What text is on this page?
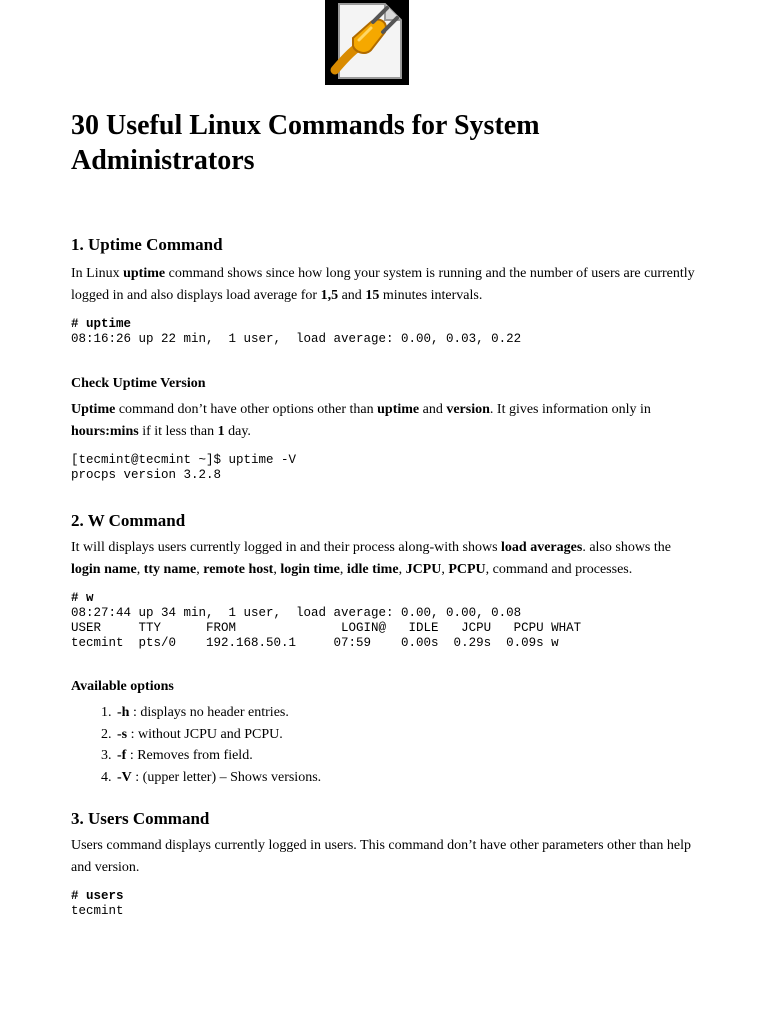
30 Useful Linux Commands for System Administrators
1. Uptime Command

In Linux uptime command shows since how long your system is running and the number of users are currently logged in and also displays load average for 1,5 and 15 minutes intervals.

# uptime
08:16:26 up 22 min,  1 user,  load average: 0.00, 0.03, 0.22
Check Uptime Version

Uptime command don’t have other options other than uptime and version. It gives information only in hours:mins if it less than 1 day.

[tecmint@tecmint ~]$ uptime -V
procps version 3.2.8
2. W Command

It will displays users currently logged in and their process along-with shows load averages. also shows the login name, tty name, remote host, login time, idle time, JCPU, PCPU, command and processes.

# w
08:27:44 up 34 min,  1 user,  load average: 0.00, 0.00, 0.08
USER     TTY      FROM              LOGIN@   IDLE   JCPU   PCPU WHAT
tecmint  pts/0    192.168.50.1     07:59    0.00s  0.29s  0.09s w
Available options
1. -h : displays no header entries.
2. -s : without JCPU and PCPU.
3. -f : Removes from field.
4. -V : (upper letter) – Shows versions.
3. Users Command

Users command displays currently logged in users. This command don’t have other parameters other than help and version.

# users
tecmint
